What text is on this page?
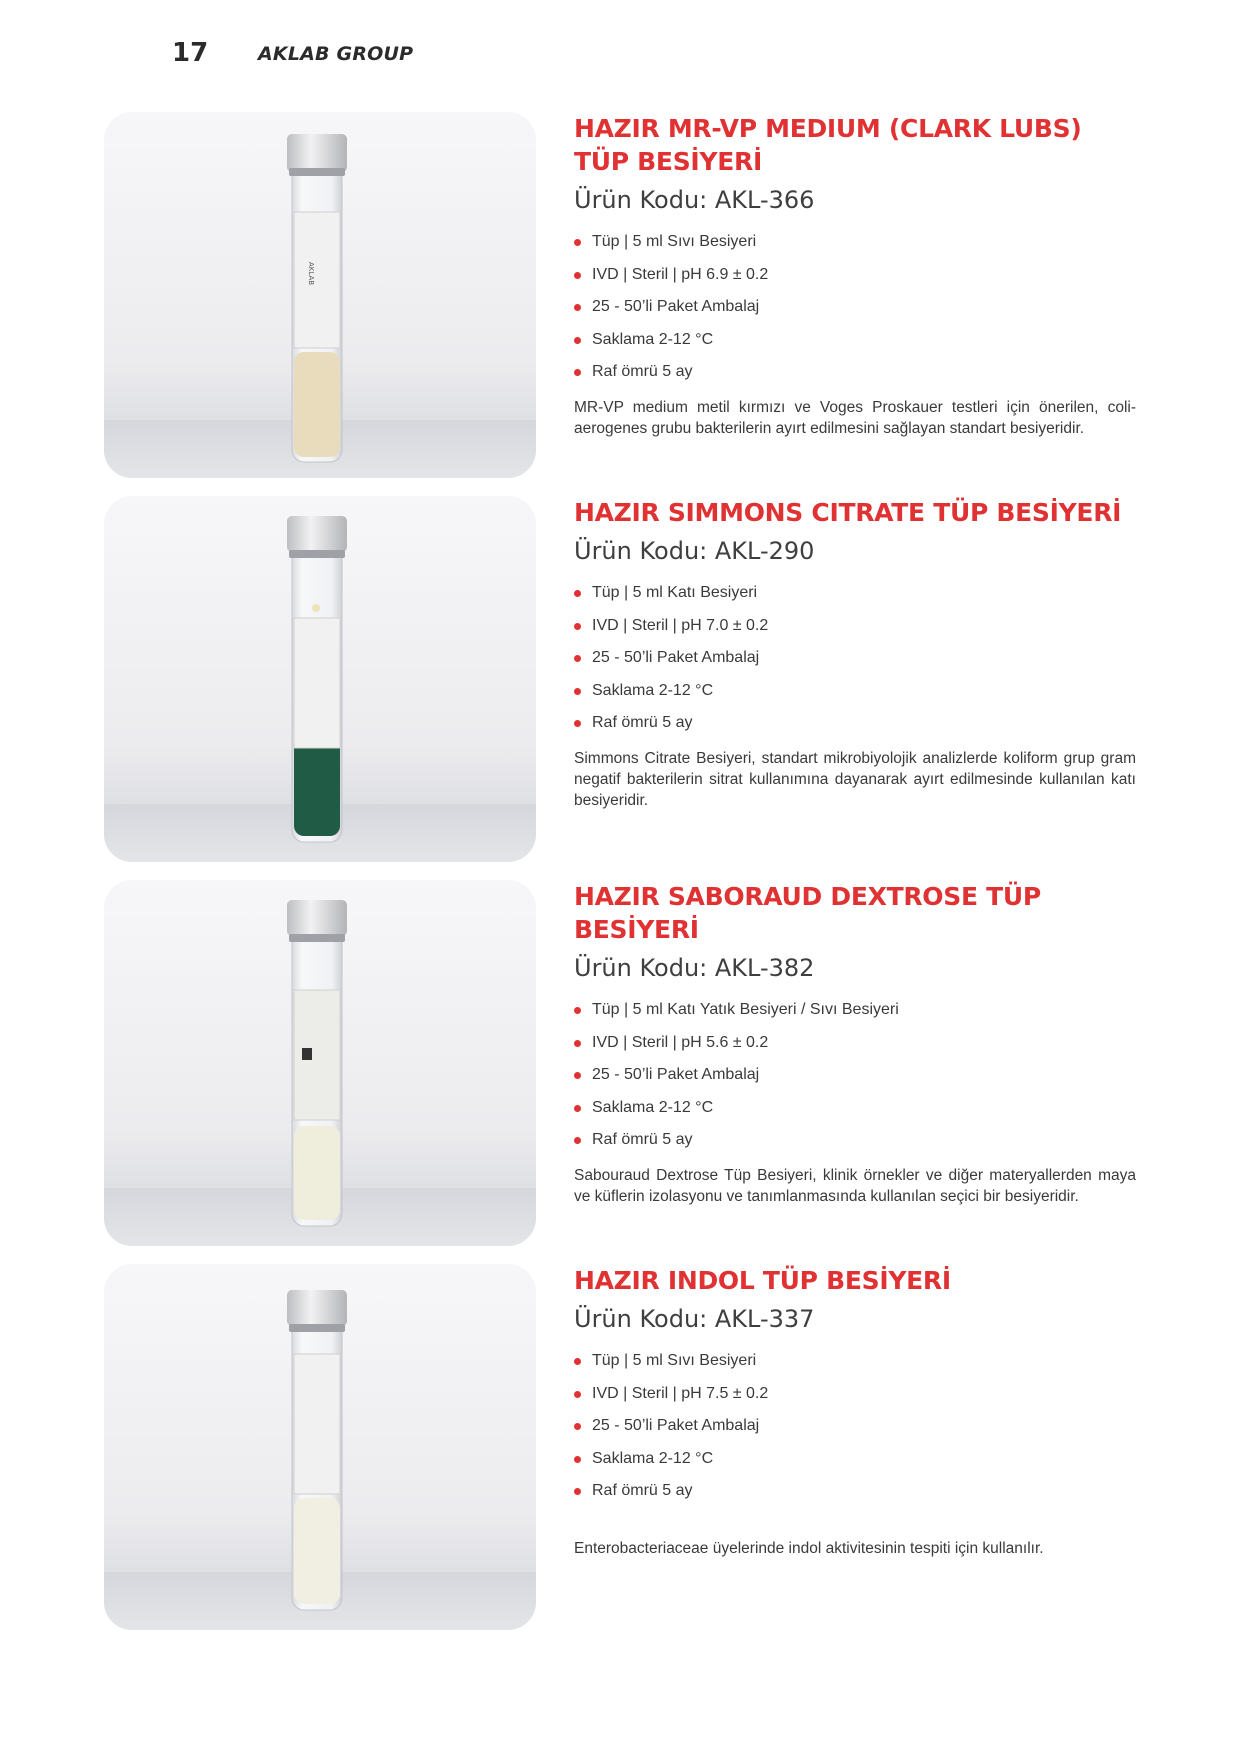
17	AKLAB GROUP
AKLAB
HAZIR MR-VP MEDIUM (CLARK LUBS) TÜP BESİYERİ
Ürün Kodu: AKL-366
Tüp | 5 ml Sıvı Besiyeri
IVD | Steril | pH 6.9 ± 0.2
25 - 50’li Paket Ambalaj
Saklama 2-12 °C
Raf ömrü 5 ay

MR-VP medium metil kırmızı ve Voges Proskauer testleri için önerilen, coli-aerogenes grubu bakterilerin ayırt edilmesini sağlayan standart besiyeridir.

HAZIR SIMMONS CITRATE TÜP BESİYERİ
Ürün Kodu: AKL-290
Tüp | 5 ml Katı Besiyeri
IVD | Steril | pH 7.0 ± 0.2
25 - 50’li Paket Ambalaj
Saklama 2-12 °C
Raf ömrü 5 ay

Simmons Citrate Besiyeri, standart mikrobiyolojik analizlerde koliform grup gram negatif bakterilerin sitrat kullanımına dayanarak ayırt edilmesinde kullanılan katı besiyeridir.

HAZIR SABORAUD DEXTROSE TÜP BESİYERİ
Ürün Kodu: AKL-382
Tüp | 5 ml Katı Yatık Besiyeri / Sıvı Besiyeri
IVD | Steril | pH 5.6 ± 0.2
25 - 50’li Paket Ambalaj
Saklama 2-12 °C
Raf ömrü 5 ay

Sabouraud Dextrose Tüp Besiyeri, klinik örnekler ve diğer materyallerden maya ve küflerin izolasyonu ve tanımlanmasında kullanılan seçici bir besiyeridir.

HAZIR INDOL TÜP BESİYERİ
Ürün Kodu: AKL-337
Tüp | 5 ml Sıvı Besiyeri
IVD | Steril | pH 7.5 ± 0.2
25 - 50’li Paket Ambalaj
Saklama 2-12 °C
Raf ömrü 5 ay

Enterobacteriaceae üyelerinde indol aktivitesinin tespiti için kullanılır.
